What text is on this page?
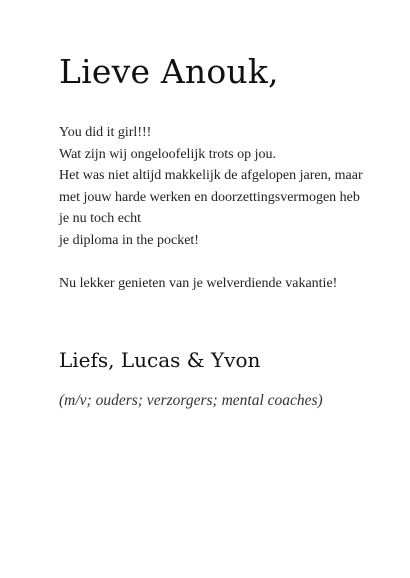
Lieve Anouk,
You did it girl!!!
Wat zijn wij ongeloofelijk trots op jou.
Het was niet altijd makkelijk de afgelopen jaren, maar
met jouw harde werken en doorzettingsvermogen heb
je nu toch echt
je diploma in the pocket!
Nu lekker genieten van je welverdiende vakantie!
Liefs, Lucas & Yvon
(m/v; ouders; verzorgers; mental coaches)
